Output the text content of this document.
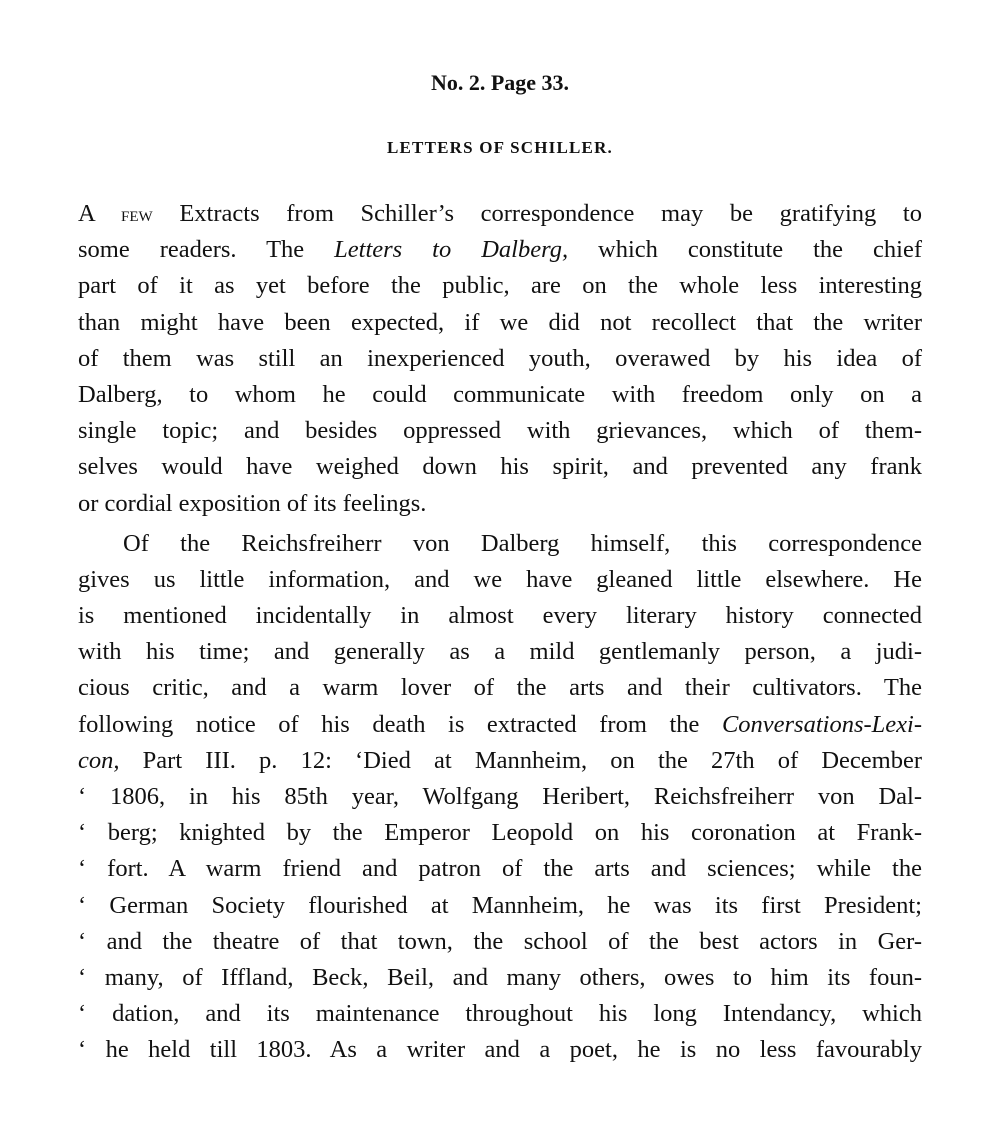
No. 2. Page 33.
LETTERS OF SCHILLER.
A few Extracts from Schiller’s correspondence may be gratifying to
some readers. The Letters to Dalberg, which constitute the chief
part of it as yet before the public, are on the whole less interesting
than might have been expected, if we did not recollect that the writer
of them was still an inexperienced youth, overawed by his idea of
Dalberg, to whom he could communicate with freedom only on a
single topic; and besides oppressed with grievances, which of them-
selves would have weighed down his spirit, and prevented any frank
or cordial exposition of its feelings.
Of the Reichsfreiherr von Dalberg himself, this correspondence
gives us little information, and we have gleaned little elsewhere. He
is mentioned incidentally in almost every literary history connected
with his time; and generally as a mild gentlemanly person, a judi-
cious critic, and a warm lover of the arts and their cultivators. The
following notice of his death is extracted from the Conversations-Lexi-
con, Part III. p. 12: ‘Died at Mannheim, on the 27th of December
‘ 1806, in his 85th year, Wolfgang Heribert, Reichsfreiherr von Dal-
‘ berg; knighted by the Emperor Leopold on his coronation at Frank-
‘ fort. A warm friend and patron of the arts and sciences; while the
‘ German Society flourished at Mannheim, he was its first President;
‘ and the theatre of that town, the school of the best actors in Ger-
‘ many, of Iffland, Beck, Beil, and many others, owes to him its foun-
‘ dation, and its maintenance throughout his long Intendancy, which
‘ he held till 1803. As a writer and a poet, he is no less favourably
